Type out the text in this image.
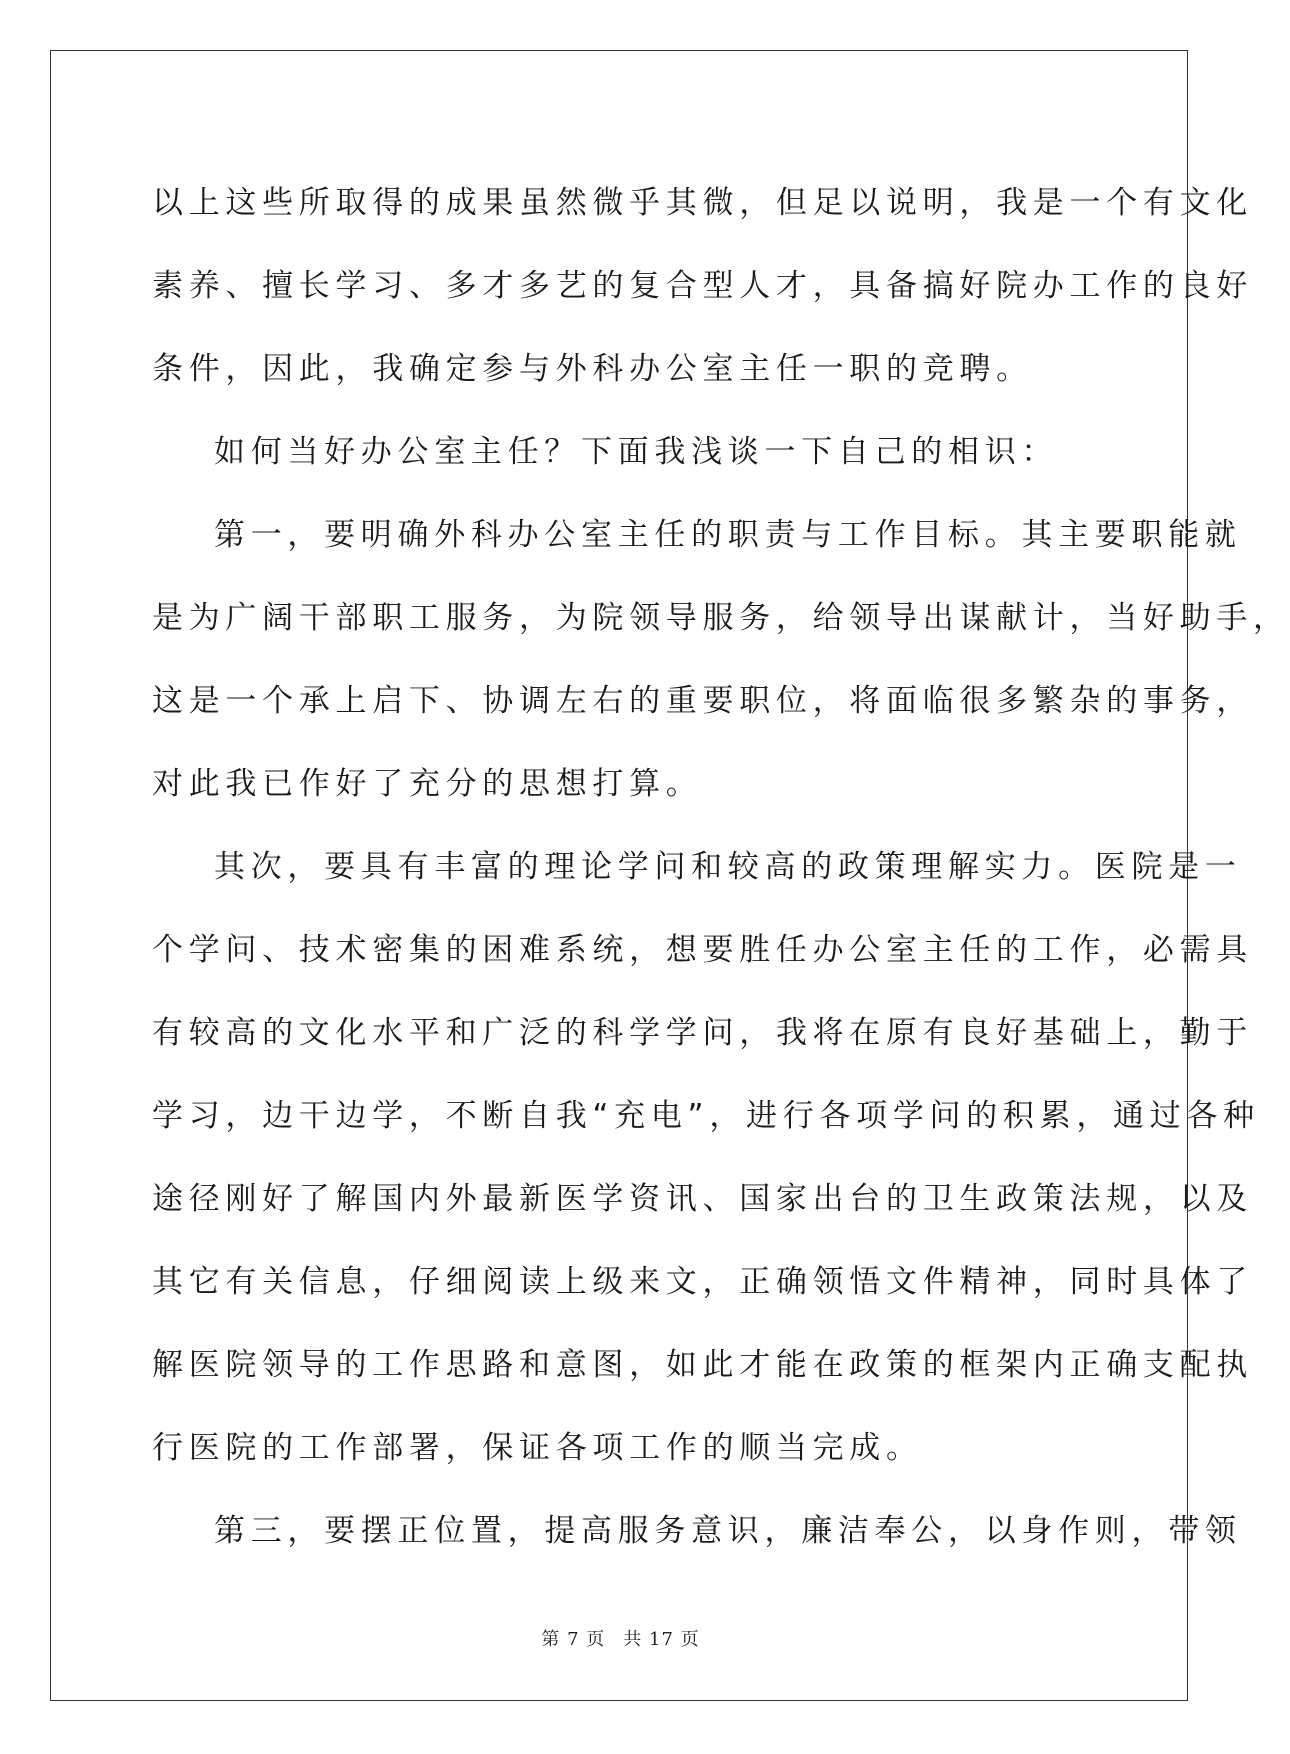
以上这些所取得的成果虽然微乎其微，但足以说明，我是一个有文化
素养、擅长学习、多才多艺的复合型人才，具备搞好院办工作的良好
条件，因此，我确定参与外科办公室主任一职的竞聘。
如何当好办公室主任？下面我浅谈一下自己的相识：
第一，要明确外科办公室主任的职责与工作目标。其主要职能就
是为广阔干部职工服务，为院领导服务，给领导出谋献计，当好助手，
这是一个承上启下、协调左右的重要职位，将面临很多繁杂的事务，
对此我已作好了充分的思想打算。
其次，要具有丰富的理论学问和较高的政策理解实力。医院是一
个学问、技术密集的困难系统，想要胜任办公室主任的工作，必需具
有较高的文化水平和广泛的科学学问，我将在原有良好基础上，勤于
学习，边干边学，不断自我“充电”，进行各项学问的积累，通过各种
途径刚好了解国内外最新医学资讯、国家出台的卫生政策法规，以及
其它有关信息，仔细阅读上级来文，正确领悟文件精神，同时具体了
解医院领导的工作思路和意图，如此才能在政策的框架内正确支配执
行医院的工作部署，保证各项工作的顺当完成。
第三，要摆正位置，提高服务意识，廉洁奉公，以身作则，带领
第 7 页 共 17 页
